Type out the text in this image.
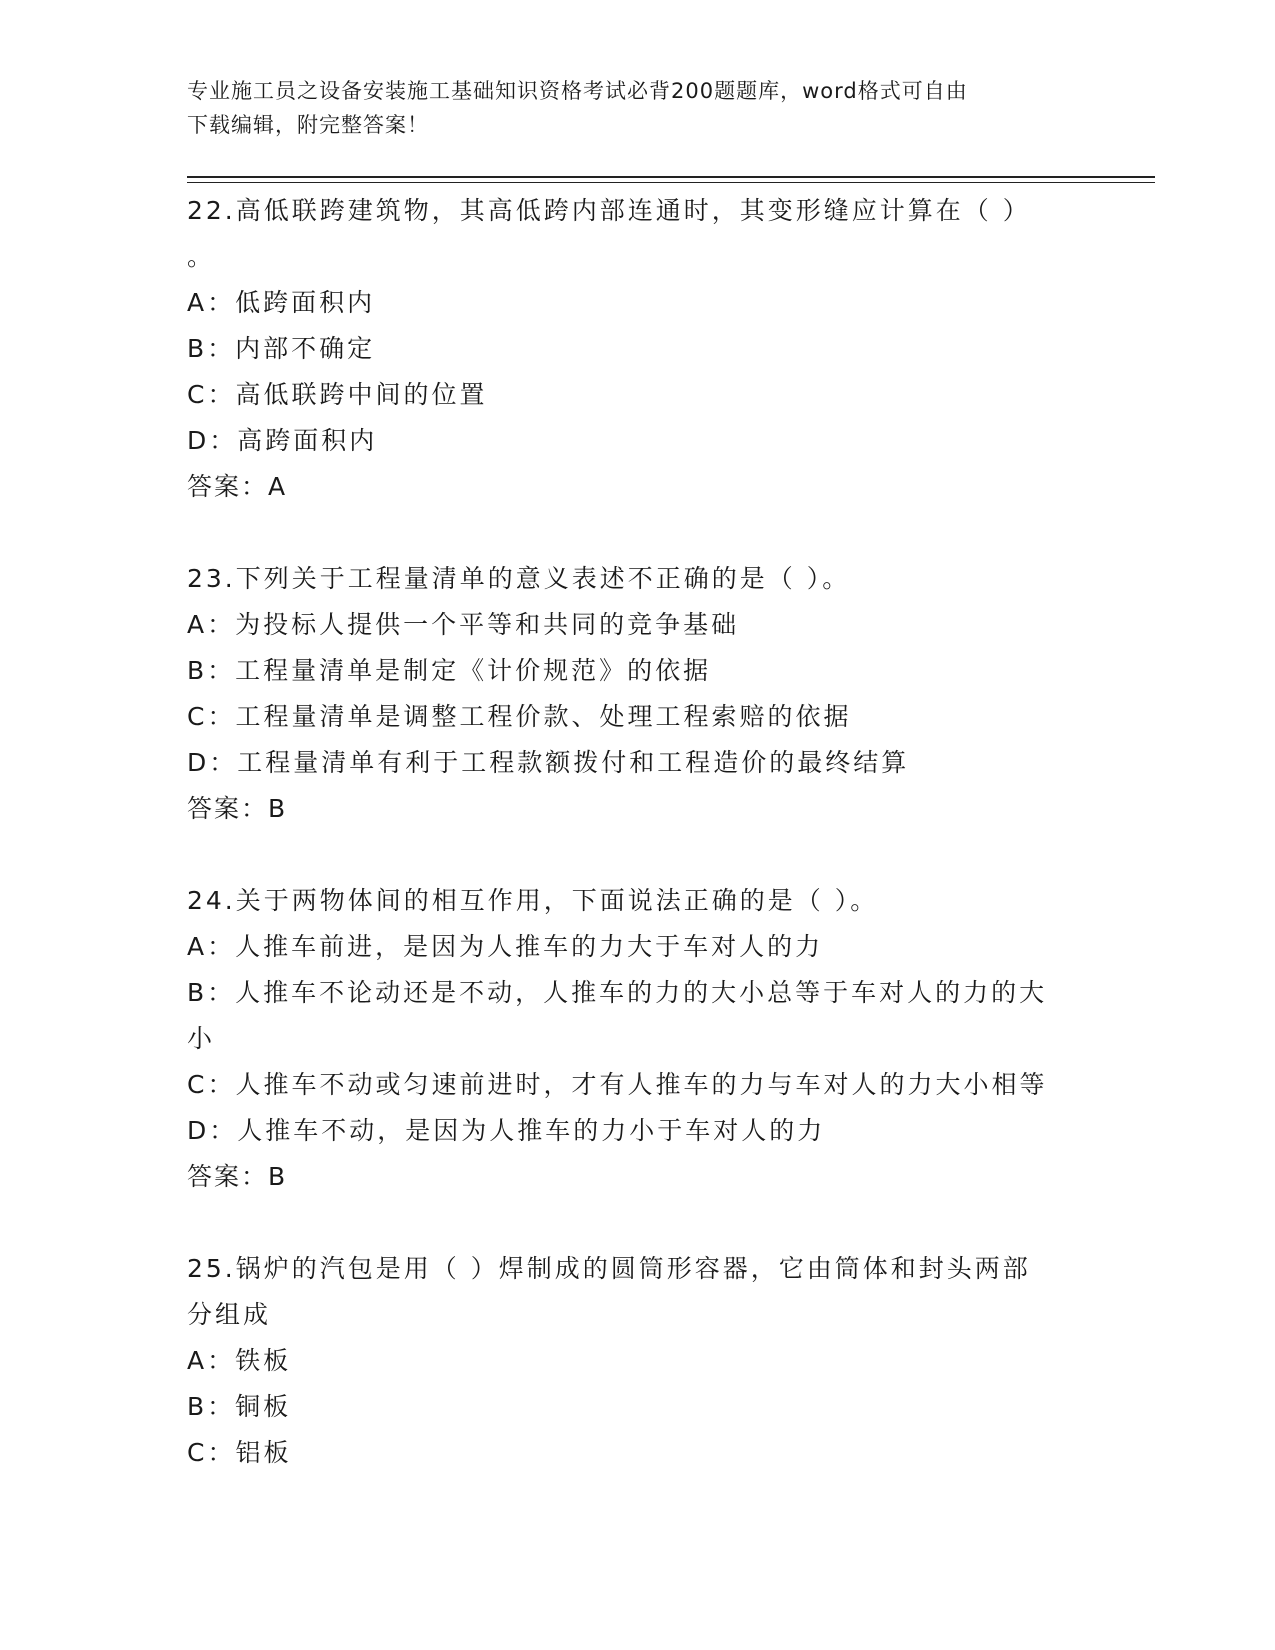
专业施工员之设备安装施工基础知识资格考试必背200题题库，word格式可自由
下载编辑，附完整答案！

22.高低联跨建筑物，其高低跨内部连通时，其变形缝应计算在（ ）

。

A：低跨面积内

B：内部不确定

C：高低联跨中间的位置

D：高跨面积内

答案：A

23.下列关于工程量清单的意义表述不正确的是（ ）。

A：为投标人提供一个平等和共同的竞争基础

B：工程量清单是制定《计价规范》的依据

C：工程量清单是调整工程价款、处理工程索赔的依据

D：工程量清单有利于工程款额拨付和工程造价的最终结算

答案：B

24.关于两物体间的相互作用，下面说法正确的是（ ）。

A：人推车前进，是因为人推车的力大于车对人的力

B：人推车不论动还是不动，人推车的力的大小总等于车对人的力的大

小

C：人推车不动或匀速前进时，才有人推车的力与车对人的力大小相等

D：人推车不动，是因为人推车的力小于车对人的力

答案：B

25.锅炉的汽包是用（ ）焊制成的圆筒形容器，它由筒体和封头两部

分组成

A：铁板

B：铜板

C：铝板
